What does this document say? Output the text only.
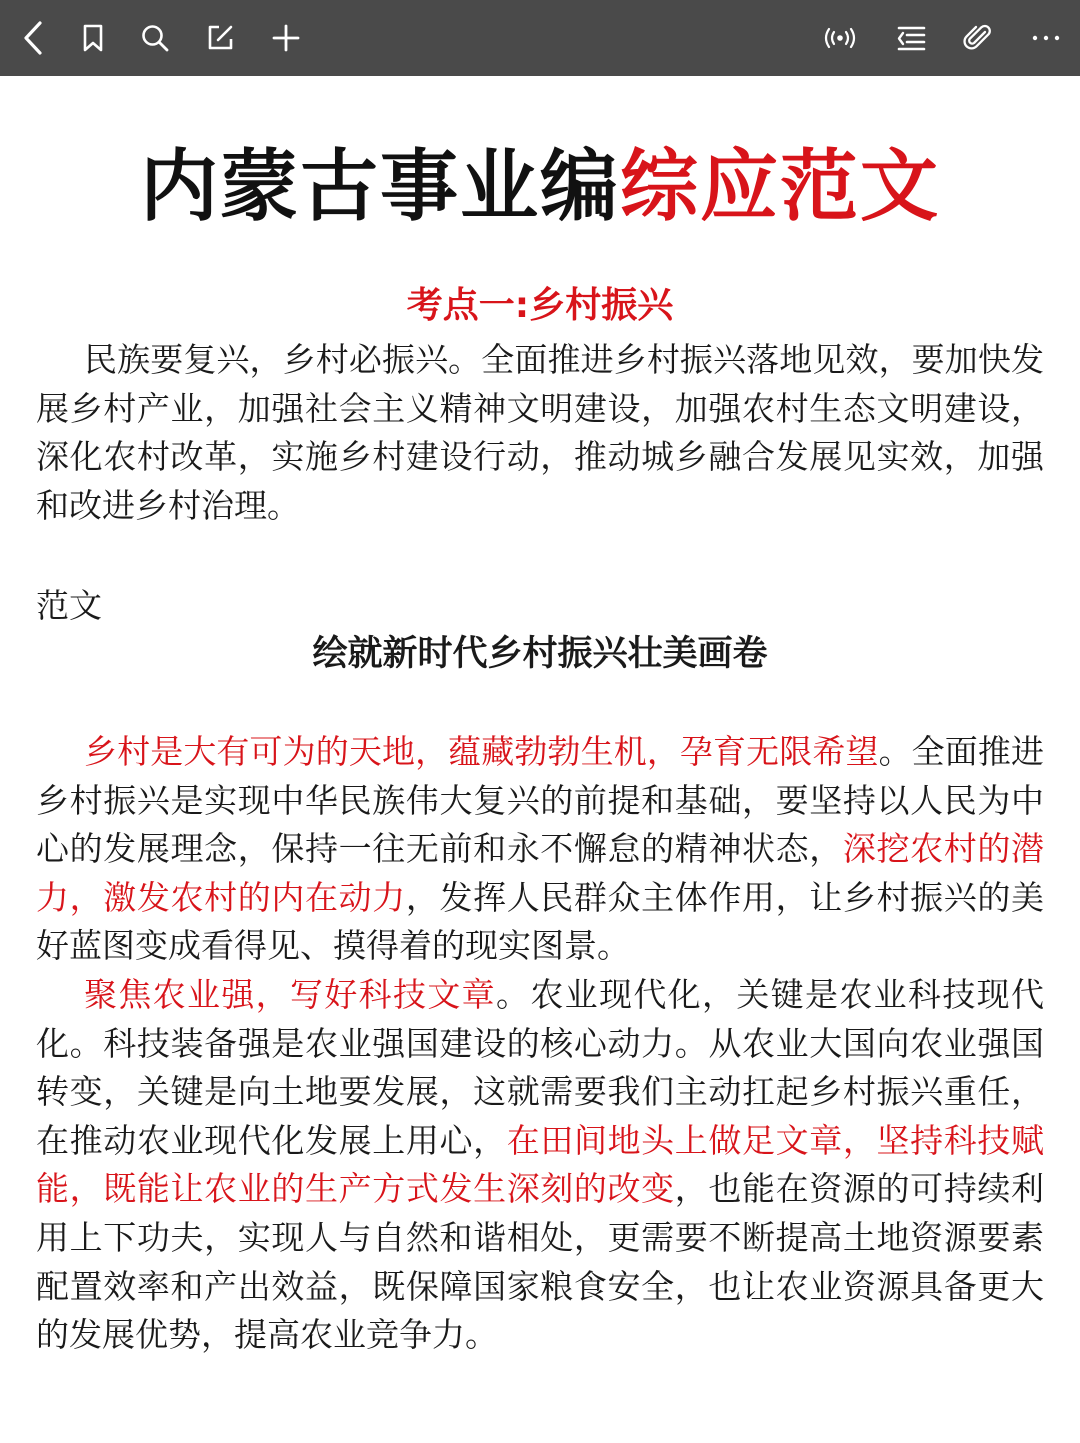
内蒙古事业编综应范文
考点一:乡村振兴

民族要复兴，乡村必振兴。全面推进乡村振兴落地见效，要加快发展乡村产业，加强社会主义精神文明建设，加强农村生态文明建设，深化农村改革，实施乡村建设行动，推动城乡融合发展见实效，加强和改进乡村治理。

范文
绘就新时代乡村振兴壮美画卷

乡村是大有可为的天地，蕴藏勃勃生机，孕育无限希望。全面推进乡村振兴是实现中华民族伟大复兴的前提和基础，要坚持以人民为中心的发展理念，保持一往无前和永不懈怠的精神状态，深挖农村的潜力，激发农村的内在动力，发挥人民群众主体作用，让乡村振兴的美好蓝图变成看得见、摸得着的现实图景。

聚焦农业强，写好科技文章。农业现代化，关键是农业科技现代化。科技装备强是农业强国建设的核心动力。从农业大国向农业强国转变，关键是向土地要发展，这就需要我们主动扛起乡村振兴重任，在推动农业现代化发展上用心，在田间地头上做足文章，坚持科技赋能，既能让农业的生产方式发生深刻的改变，也能在资源的可持续利用上下功夫，实现人与自然和谐相处，更需要不断提高土地资源要素配置效率和产出效益，既保障国家粮食安全，也让农业资源具备更大的发展优势，提高农业竞争力。
